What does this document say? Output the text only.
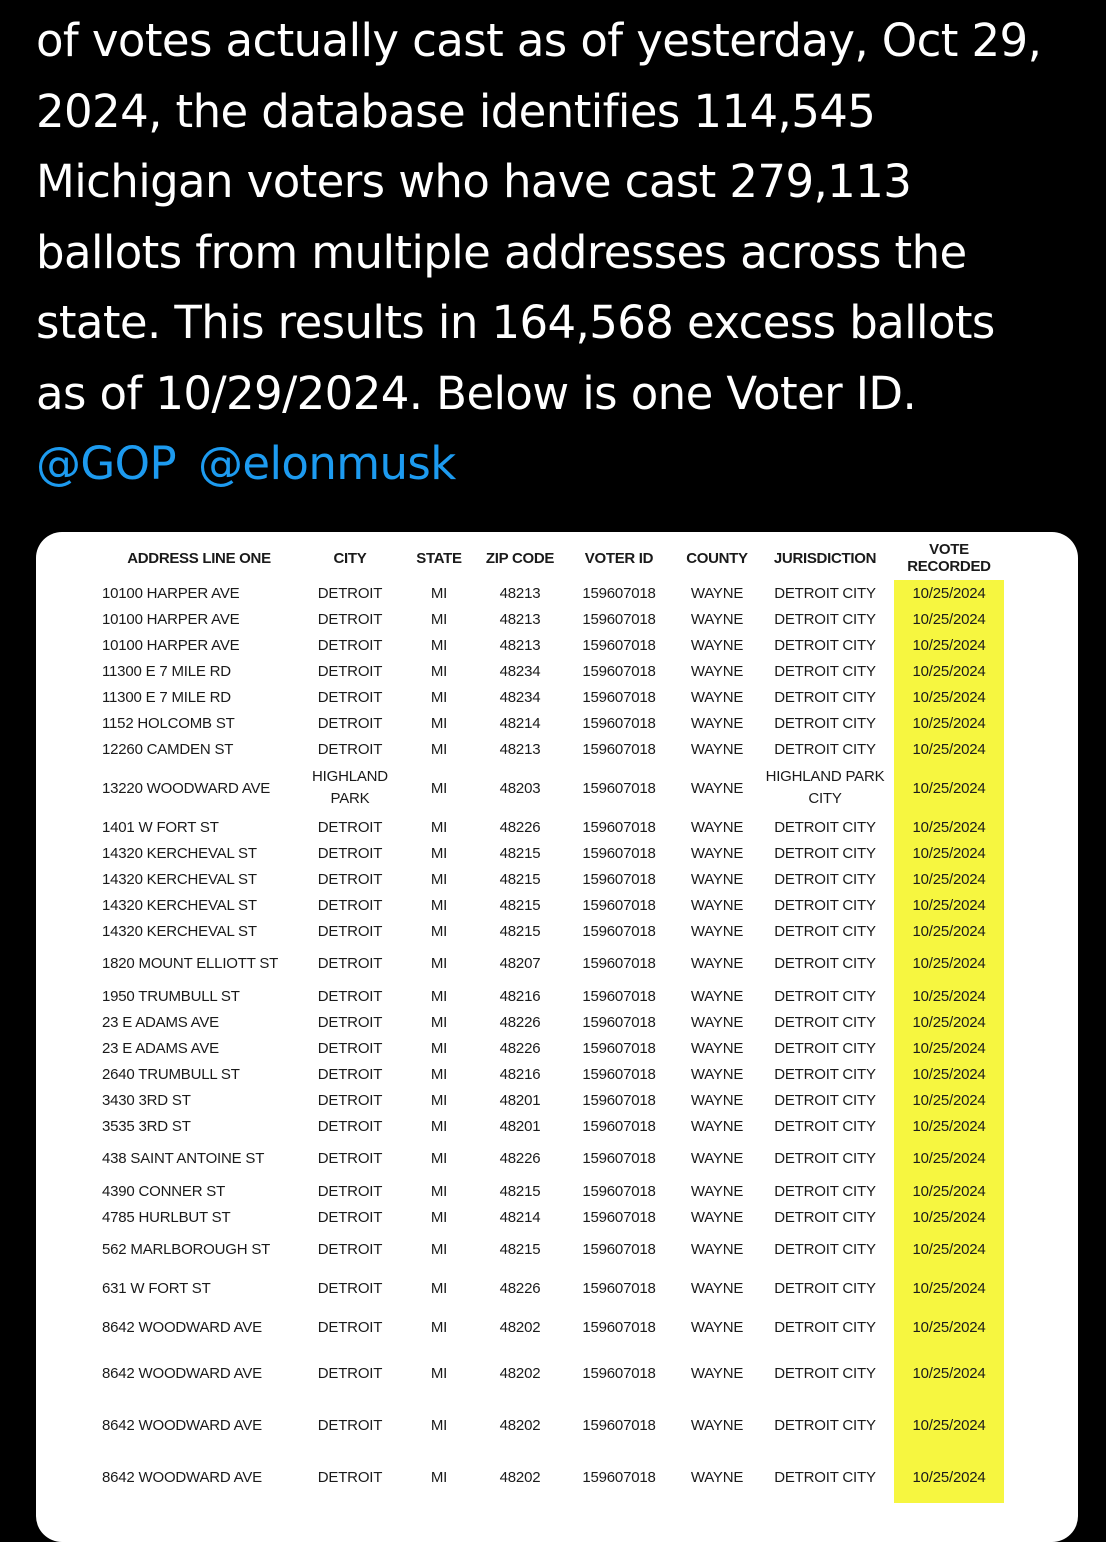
of votes actually cast as of yesterday, Oct 29,
2024, the database identifies 114,545
Michigan voters who have cast 279,113
ballots from multiple addresses across the
state. This results in 164,568 excess ballots
as of 10/29/2024. Below is one Voter ID.
@GOP @elonmusk
ADDRESS LINE ONE	CITY	STATE	ZIP CODE	VOTER ID	COUNTY	JURISDICTION	VOTE RECORDED
10100 HARPER AVE	DETROIT	MI	48213	159607018	WAYNE	DETROIT CITY	10/25/2024
10100 HARPER AVE	DETROIT	MI	48213	159607018	WAYNE	DETROIT CITY	10/25/2024
10100 HARPER AVE	DETROIT	MI	48213	159607018	WAYNE	DETROIT CITY	10/25/2024
11300 E 7 MILE RD	DETROIT	MI	48234	159607018	WAYNE	DETROIT CITY	10/25/2024
11300 E 7 MILE RD	DETROIT	MI	48234	159607018	WAYNE	DETROIT CITY	10/25/2024
1152 HOLCOMB ST	DETROIT	MI	48214	159607018	WAYNE	DETROIT CITY	10/25/2024
12260 CAMDEN ST	DETROIT	MI	48213	159607018	WAYNE	DETROIT CITY	10/25/2024
13220 WOODWARD AVE	HIGHLAND PARK	MI	48203	159607018	WAYNE	HIGHLAND PARK CITY	10/25/2024
1401 W FORT ST	DETROIT	MI	48226	159607018	WAYNE	DETROIT CITY	10/25/2024
14320 KERCHEVAL ST	DETROIT	MI	48215	159607018	WAYNE	DETROIT CITY	10/25/2024
14320 KERCHEVAL ST	DETROIT	MI	48215	159607018	WAYNE	DETROIT CITY	10/25/2024
14320 KERCHEVAL ST	DETROIT	MI	48215	159607018	WAYNE	DETROIT CITY	10/25/2024
14320 KERCHEVAL ST	DETROIT	MI	48215	159607018	WAYNE	DETROIT CITY	10/25/2024
1820 MOUNT ELLIOTT ST	DETROIT	MI	48207	159607018	WAYNE	DETROIT CITY	10/25/2024
1950 TRUMBULL ST	DETROIT	MI	48216	159607018	WAYNE	DETROIT CITY	10/25/2024
23 E ADAMS AVE	DETROIT	MI	48226	159607018	WAYNE	DETROIT CITY	10/25/2024
23 E ADAMS AVE	DETROIT	MI	48226	159607018	WAYNE	DETROIT CITY	10/25/2024
2640 TRUMBULL ST	DETROIT	MI	48216	159607018	WAYNE	DETROIT CITY	10/25/2024
3430 3RD ST	DETROIT	MI	48201	159607018	WAYNE	DETROIT CITY	10/25/2024
3535 3RD ST	DETROIT	MI	48201	159607018	WAYNE	DETROIT CITY	10/25/2024
438 SAINT ANTOINE ST	DETROIT	MI	48226	159607018	WAYNE	DETROIT CITY	10/25/2024
4390 CONNER ST	DETROIT	MI	48215	159607018	WAYNE	DETROIT CITY	10/25/2024
4785 HURLBUT ST	DETROIT	MI	48214	159607018	WAYNE	DETROIT CITY	10/25/2024
562 MARLBOROUGH ST	DETROIT	MI	48215	159607018	WAYNE	DETROIT CITY	10/25/2024
631 W FORT ST	DETROIT	MI	48226	159607018	WAYNE	DETROIT CITY	10/25/2024
8642 WOODWARD AVE	DETROIT	MI	48202	159607018	WAYNE	DETROIT CITY	10/25/2024
8642 WOODWARD AVE	DETROIT	MI	48202	159607018	WAYNE	DETROIT CITY	10/25/2024
8642 WOODWARD AVE	DETROIT	MI	48202	159607018	WAYNE	DETROIT CITY	10/25/2024
8642 WOODWARD AVE	DETROIT	MI	48202	159607018	WAYNE	DETROIT CITY	10/25/2024
